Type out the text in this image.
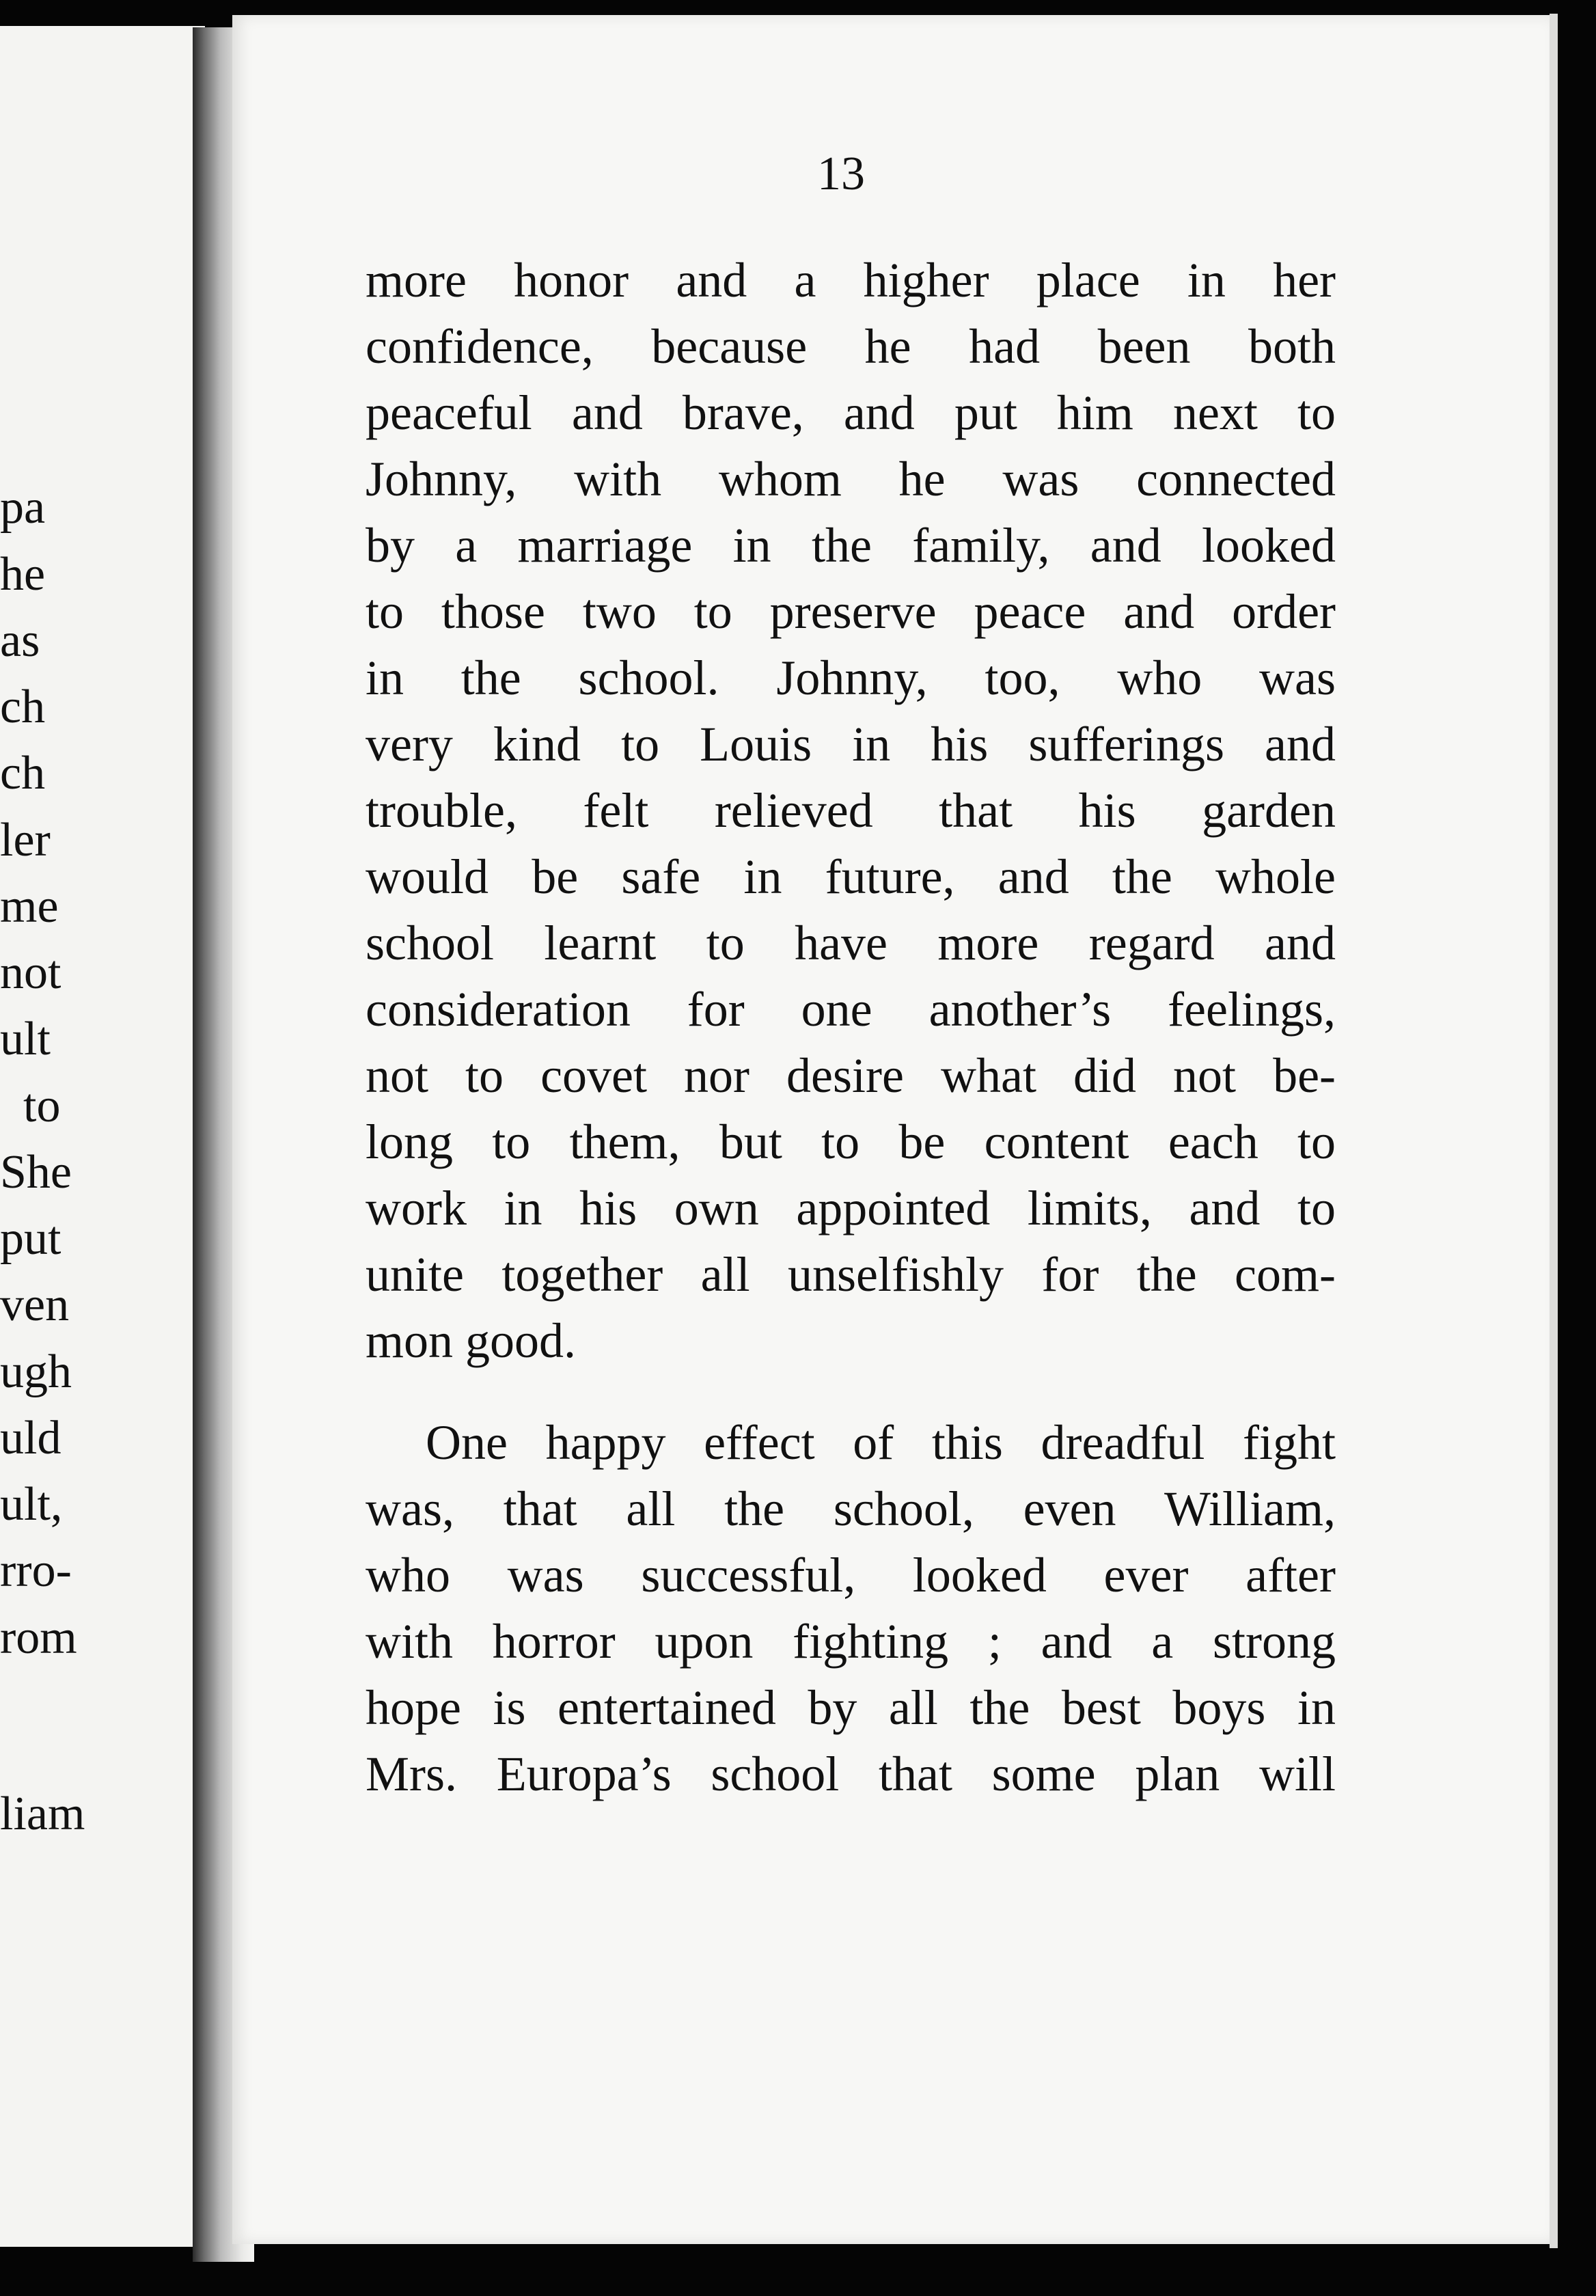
pa
he
as
ch
ch
ler
me
not
ult
to
She
put
ven
ugh
uld
ult,
rro-
rom
liam
13
more honor and a higher place in her
confidence, because he had been both
peaceful and brave, and put him next to
Johnny, with whom he was connected
by a marriage in the family, and looked
to those two to preserve peace and order
in the school. Johnny, too, who was
very kind to Louis in his sufferings and
trouble, felt relieved that his garden
would be safe in future, and the whole
school learnt to have more regard and
consideration for one another’s feelings,
not to covet nor desire what did not be-
long to them, but to be content each to
work in his own appointed limits, and to
unite together all unselfishly for the com-
mon good.
One happy effect of this dreadful fight
was, that all the school, even William,
who was successful, looked ever after
with horror upon fighting ; and a strong
hope is entertained by all the best boys in
Mrs. Europa’s school that some plan will
